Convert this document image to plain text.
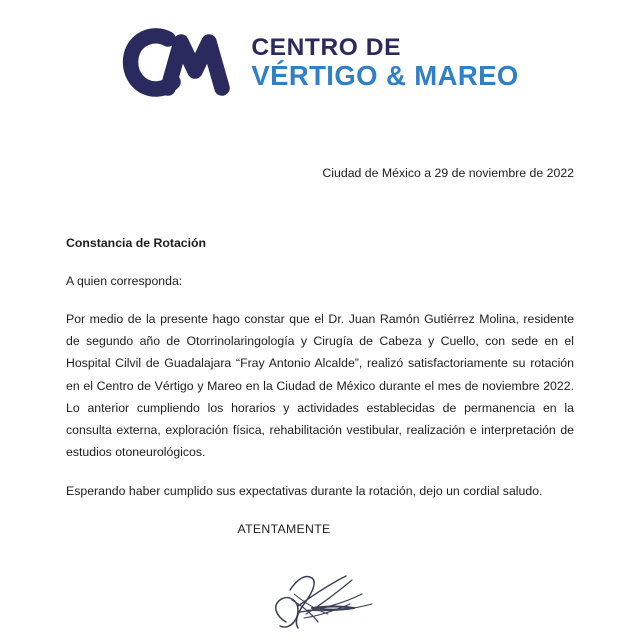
CENTRO DE
VÉRTIGO & MAREO

Ciudad de México a 29 de noviembre de 2022

Constancia de Rotación

A quien corresponda:

Por medio de la presente hago constar que el Dr. Juan Ramón Gutiérrez Molina, residente de segundo año de Otorrinolaringología y Cirugía de Cabeza y Cuello, con sede en el Hospital Cilvil de Guadalajara “Fray Antonio Alcalde”, realizó satisfactoriamente su rotación en el Centro de Vértigo y Mareo en la Ciudad de México durante el mes de noviembre 2022. Lo anterior cumpliendo los horarios y actividades establecidas de permanencia en la consulta externa, exploración física, rehabilitación vestibular, realización e interpretación de estudios otoneurológicos.

Esperando haber cumplido sus expectativas durante la rotación, dejo un cordial saludo.

ATENTAMENTE
